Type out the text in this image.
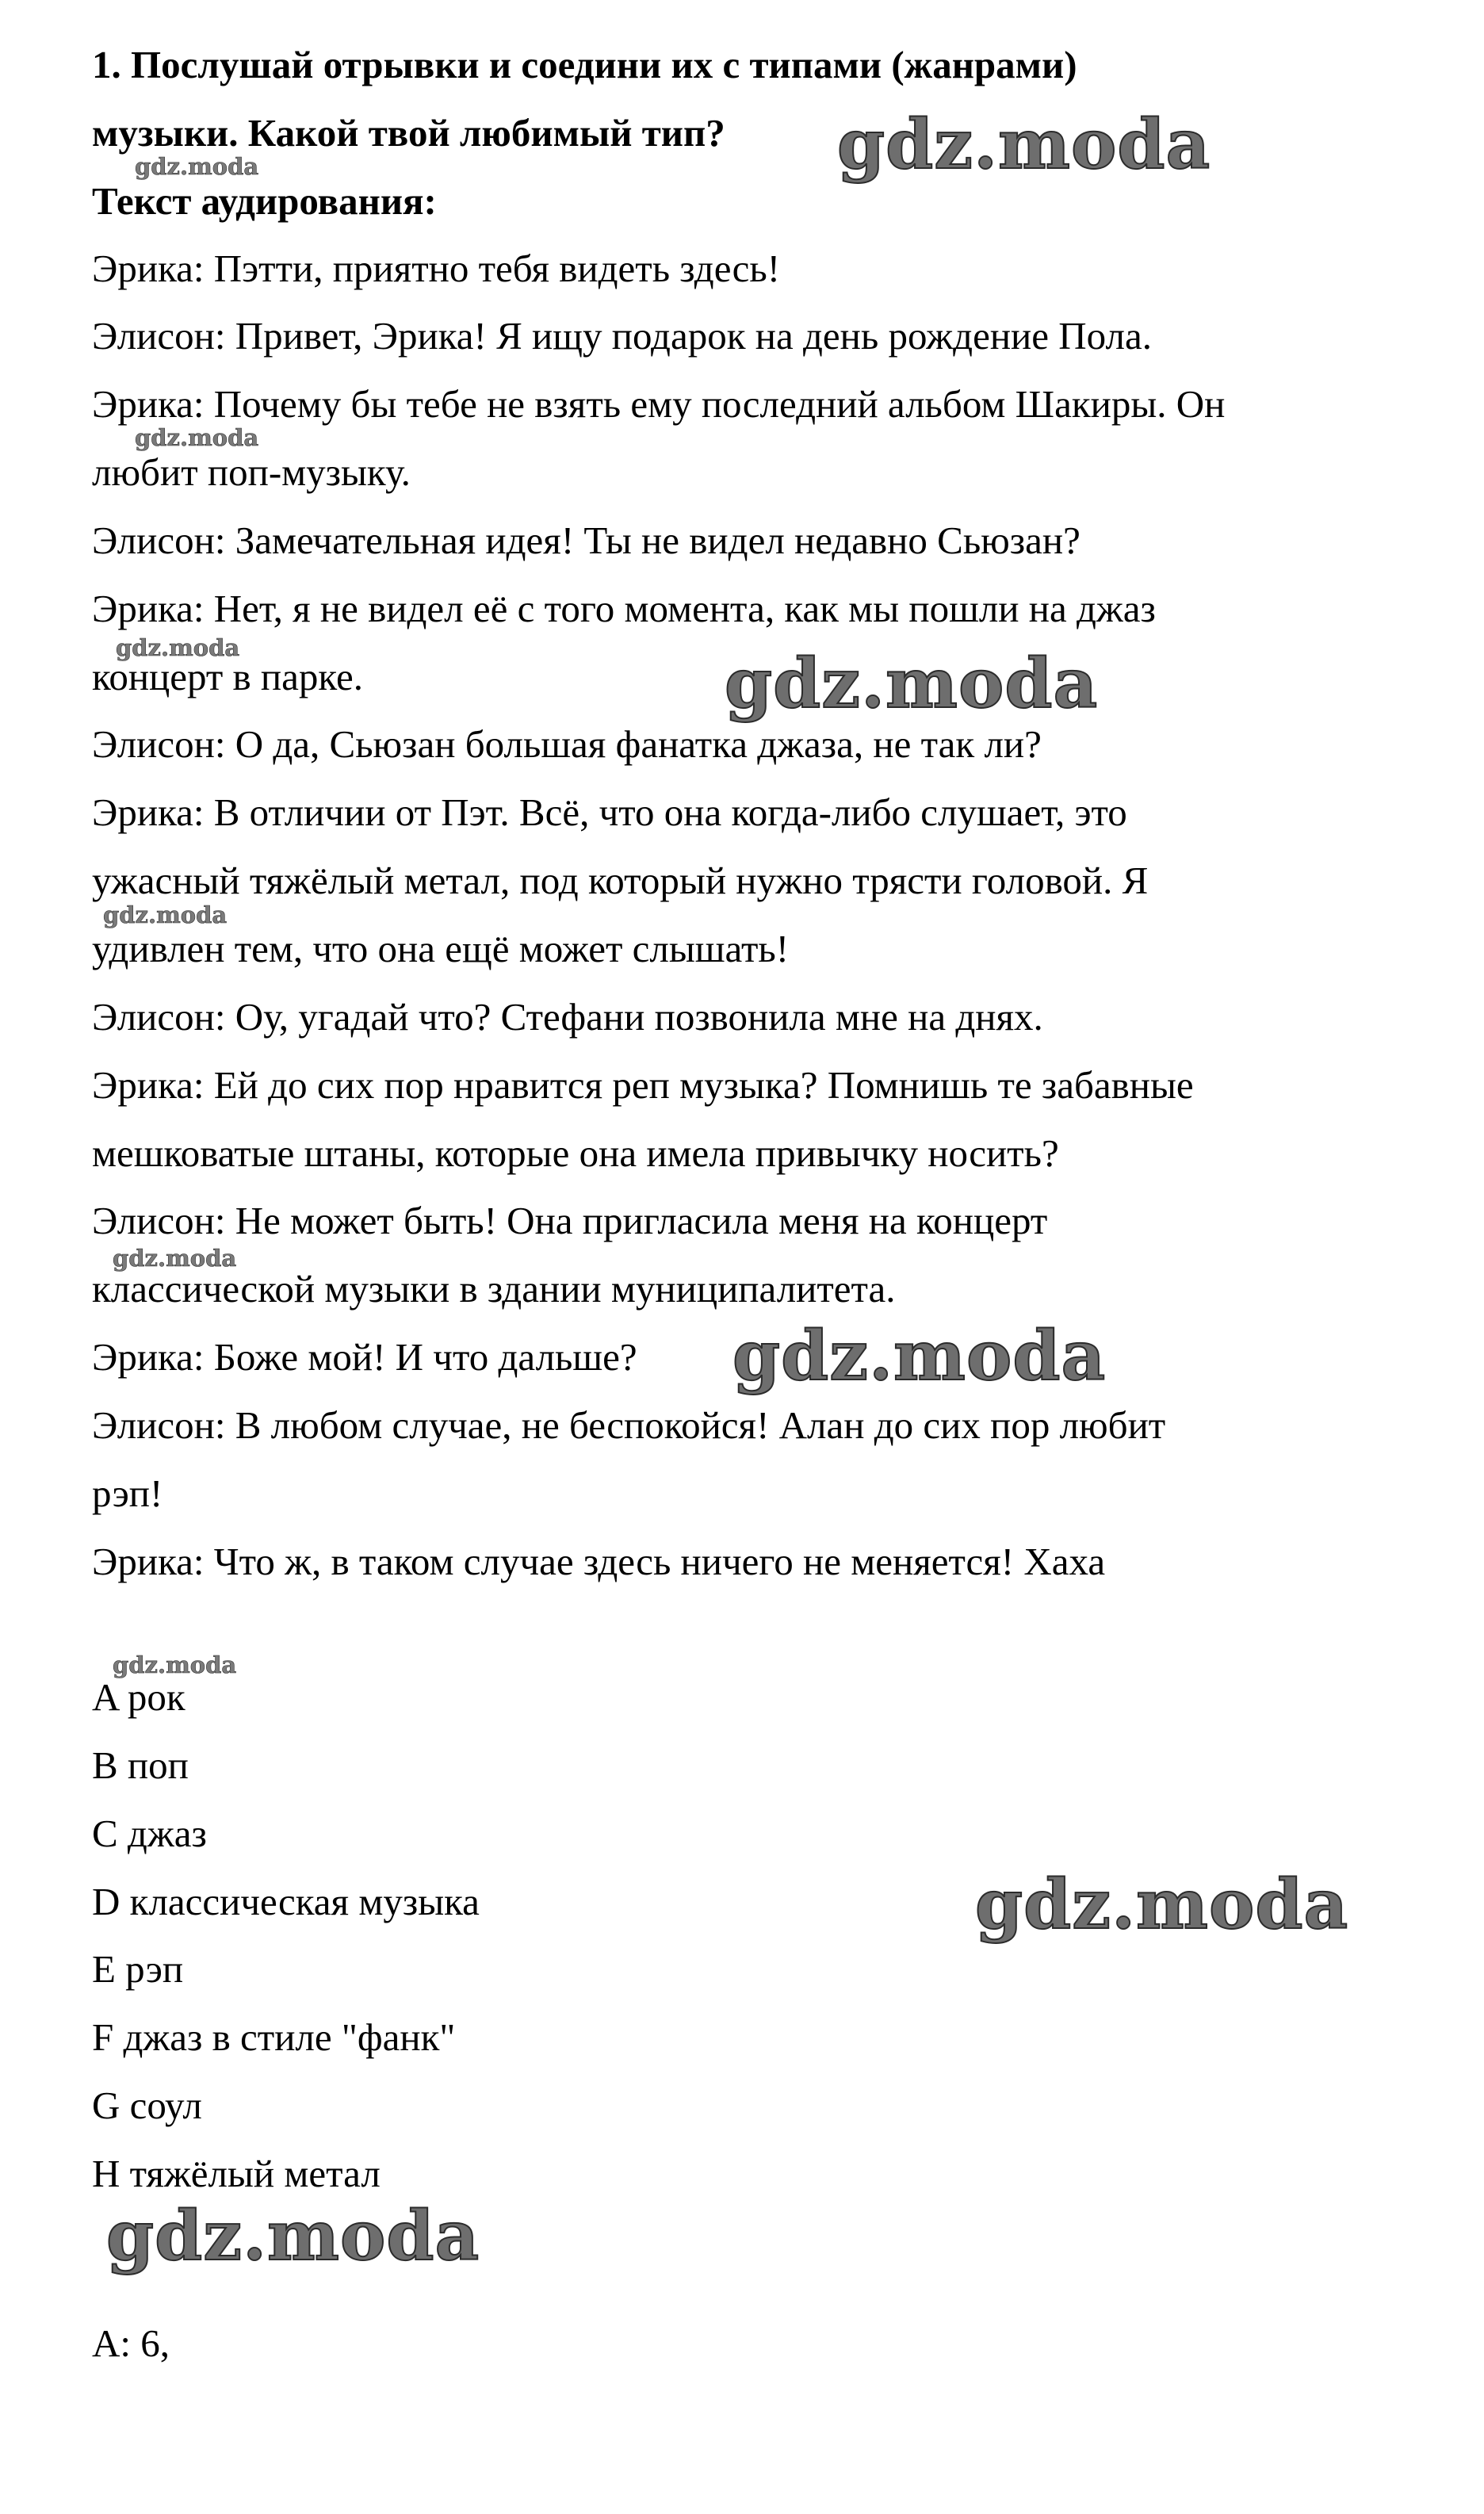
1. Послушай отрывки и соедини их с типами (жанрами)
музыки. Какой твой любимый тип?
Текст аудирования:
Эрика: Пэтти, приятно тебя видеть здесь!
Элисон: Привет, Эрика! Я ищу подарок на день рождение Пола.
Эрика: Почему бы тебе не взять ему последний альбом Шакиры. Он
любит поп-музыку.
Элисон: Замечательная идея! Ты не видел недавно Сьюзан?
Эрика: Нет, я не видел её с того момента, как мы пошли на джаз
концерт в парке.
Элисон: О да, Сьюзан большая фанатка джаза, не так ли?
Эрика: В отличии от Пэт. Всё, что она когда-либо слушает, это
ужасный тяжёлый метал, под который нужно трясти головой. Я
удивлен тем, что она ещё может слышать!
Элисон: Оу, угадай что? Стефани позвонила мне на днях.
Эрика: Ей до сих пор нравится реп музыка? Помнишь те забавные
мешковатые штаны, которые она имела привычку носить?
Элисон: Не может быть! Она пригласила меня на концерт
классической музыки в здании муниципалитета.
Эрика: Боже мой! И что дальше?
Элисон: В любом случае, не беспокойся! Алан до сих пор любит
рэп!
Эрика: Что ж, в таком случае здесь ничего не меняется! Хаха
A рок
B поп
C джаз
D классическая музыка
E рэп
F джаз в стиле "фанк"
G соул
H тяжёлый метал
A: 6,
gdz.moda
gdz.moda
gdz.moda
gdz.moda
gdz.moda
gdz.moda
gdz.moda
gdz.moda
gdz.moda
gdz.moda
gdz.moda
